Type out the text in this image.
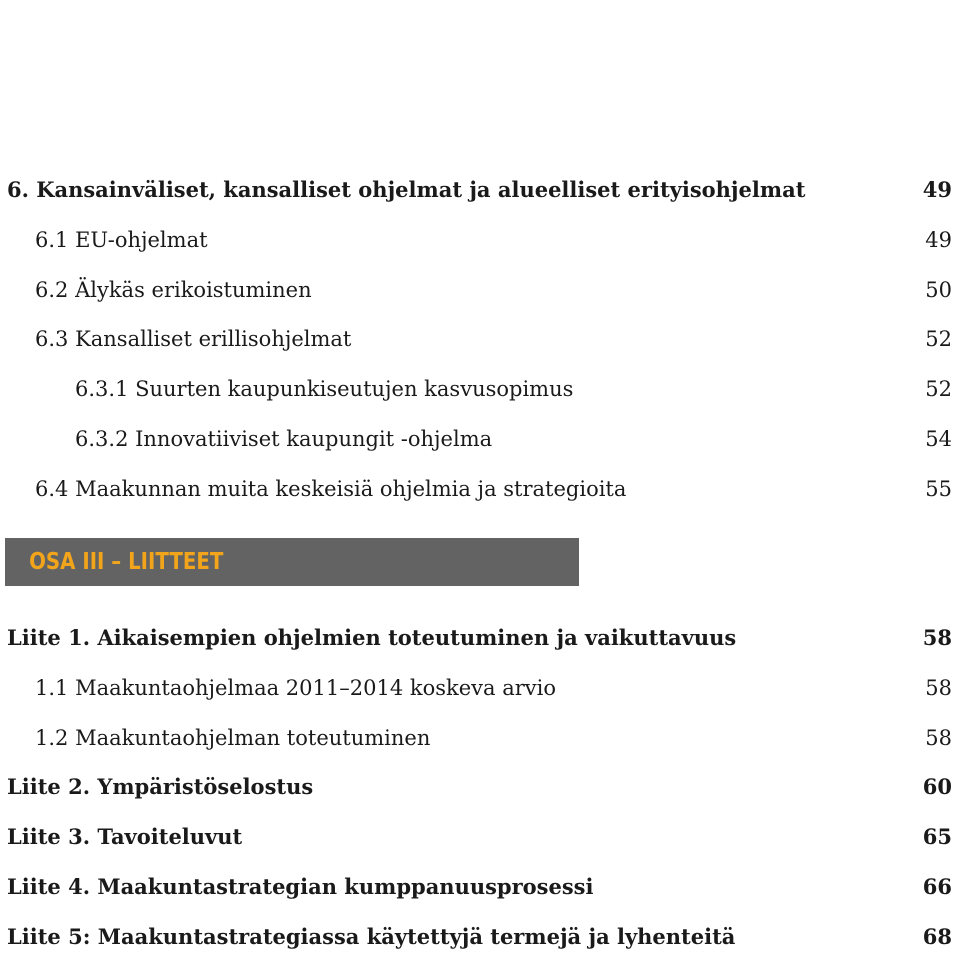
6. Kansainväliset, kansalliset ohjelmat ja alueelliset erityisohjelmat	49
6.1 EU-ohjelmat	49
6.2 Älykäs erikoistuminen	50
6.3 Kansalliset erillisohjelmat	52
6.3.1 Suurten kaupunkiseutujen kasvusopimus	52
6.3.2 Innovatiiviset kaupungit -ohjelma	54
6.4 Maakunnan muita keskeisiä ohjelmia ja strategioita	55
OSA III – LIITTEET
Liite 1. Aikaisempien ohjelmien toteutuminen ja vaikuttavuus	58
1.1 Maakuntaohjelmaa 2011–2014 koskeva arvio	58
1.2 Maakuntaohjelman toteutuminen	58
Liite 2. Ympäristöselostus	60
Liite 3. Tavoiteluvut	65
Liite 4. Maakuntastrategian kumppanuusprosessi	66
Liite 5: Maakuntastrategiassa käytettyjä termejä ja lyhenteitä	68
